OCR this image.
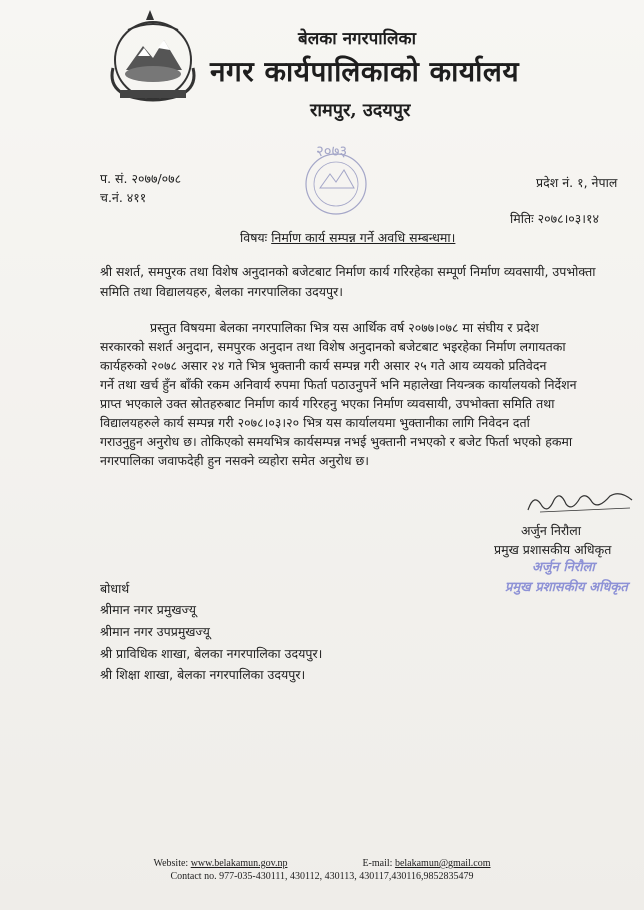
बेलका नगरपालिका
नगर कार्यपालिकाको कार्यालय
रामपुर, उदयपुर
२०७३
प. सं. २०७७/०७८
च.नं. ४११
प्रदेश नं. १, नेपाल
मितिः २०७८।०३।१४
विषयः निर्माण कार्य सम्पन्न गर्ने अवधि सम्बन्धमा।
श्री सशर्त, समपुरक तथा विशेष अनुदानको बजेटबाट निर्माण कार्य गरिरहेका सम्पूर्ण निर्माण व्यवसायी, उपभोक्ता
समिति तथा विद्यालयहरु, बेलका नगरपालिका उदयपुर।
प्रस्तुत विषयमा बेलका नगरपालिका भित्र यस आर्थिक वर्ष २०७७।०७८ मा संघीय र प्रदेश
सरकारको सशर्त अनुदान, समपुरक अनुदान तथा विशेष अनुदानको बजेटबाट भइरहेका निर्माण लगायतका
कार्यहरुको २०७८ असार २४ गते भित्र भुक्तानी कार्य सम्पन्न गरी असार २५ गते आय व्ययको प्रतिवेदन
गर्ने तथा खर्च हुँन बाँकी रकम अनिवार्य रुपमा फिर्ता पठाउनुपर्ने भनि महालेखा नियन्त्रक कार्यालयको निर्देशन
प्राप्त भएकाले उक्त स्रोतहरुबाट निर्माण कार्य गरिरहनु भएका निर्माण व्यवसायी, उपभोक्ता समिति तथा
विद्यालयहरुले कार्य सम्पन्न गरी २०७८।०३।२० भित्र यस कार्यालयमा भुक्तानीका लागि निवेदन दर्ता
गराउनुहुन अनुरोध छ। तोकिएको समयभित्र कार्यसम्पन्न नभई भुक्तानी नभएको र बजेट फिर्ता भएको हकमा
नगरपालिका जवाफदेही हुन नसक्ने व्यहोरा समेत अनुरोध छ।
अर्जुन निरौला
प्रमुख प्रशासकीय अधिकृत
अर्जुन निरौला
प्रमुख प्रशासकीय अधिकृत
बोधार्थ
श्रीमान नगर प्रमुखज्यू
श्रीमान नगर उपप्रमुखज्यू
श्री प्राविधिक शाखा, बेलका नगरपालिका उदयपुर।
श्री शिक्षा शाखा, बेलका नगरपालिका उदयपुर।
Website: www.belakamun.gov.np	E-mail: belakamun@gmail.com
Contact no. 977-035-430111, 430112, 430113, 430117,430116,9852835479
